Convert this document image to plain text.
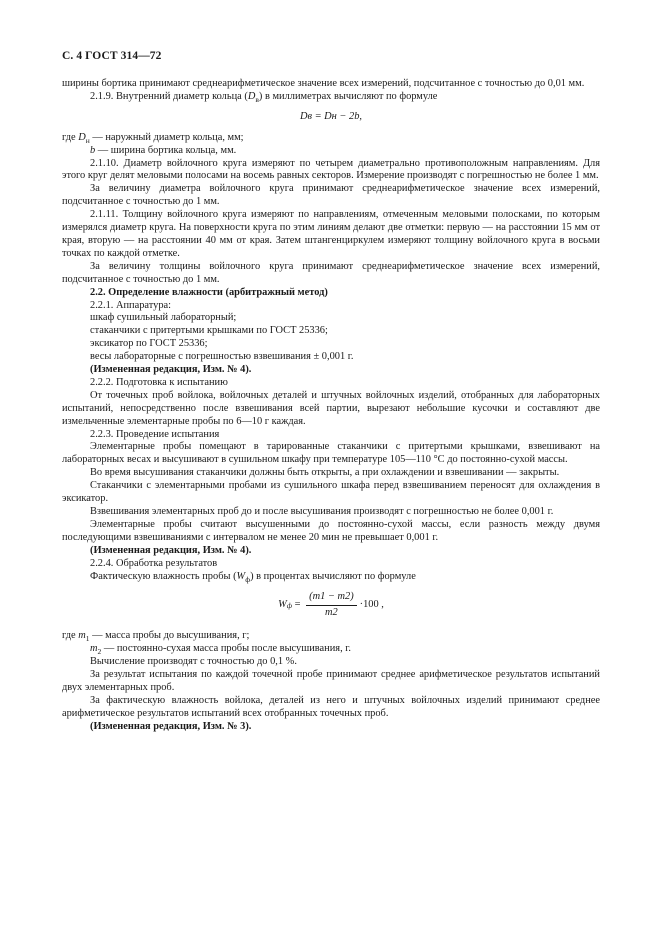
С. 4 ГОСТ 314—72

ширины бортика принимают среднеарифметическое значение всех измерений, подсчитанное с точностью до 0,01 мм.

2.1.9. Внутренний диаметр кольца $(D_в)$ в миллиметрах вычисляют по формуле

Dв = Dн − 2b,

где $D_н$ — наружный диаметр кольца, мм;

b — ширина бортика кольца, мм.

2.1.10. Диаметр войлочного круга измеряют по четырем диаметрально противоположным направлениям. Для этого круг делят меловыми полосами на восемь равных секторов. Измерение производят с погрешностью не более 1 мм.

За величину диаметра войлочного круга принимают среднеарифметическое значение всех измерений, подсчитанное с точностью до 1 мм.

2.1.11. Толщину войлочного круга измеряют по направлениям, отмеченным меловыми полосками, по которым измерялся диаметр круга. На поверхности круга по этим линиям делают две отметки: первую — на расстоянии 15 мм от края, вторую — на расстоянии 40 мм от края. Затем штангенциркулем измеряют толщину войлочного круга в восьми точках по каждой отметке.

За величину толщины войлочного круга принимают среднеарифметическое значение всех измерений, подсчитанное с точностью до 1 мм.

2.2. Определение влажности (арбитражный метод)

2.2.1. Аппаратура:

шкаф сушильный лабораторный;

стаканчики с притертыми крышками по ГОСТ 25336;

эксикатор по ГОСТ 25336;

весы лабораторные с погрешностью взвешивания ± 0,001 г.

(Измененная редакция, Изм. № 4).

2.2.2. Подготовка к испытанию

От точечных проб войлока, войлочных деталей и штучных войлочных изделий, отобранных для лабораторных испытаний, непосредственно после взвешивания всей партии, вырезают небольшие кусочки и составляют две измельченные элементарные пробы по 6—10 г каждая.

2.2.3. Проведение испытания

Элементарные пробы помещают в тарированные стаканчики с притертыми крышками, взвешивают на лабораторных весах и высушивают в сушильном шкафу при температуре 105—110 °С до постоянно-сухой массы.

Во время высушивания стаканчики должны быть открыты, а при охлаждении и взвешивании — закрыты.

Стаканчики с элементарными пробами из сушильного шкафа перед взвешиванием переносят для охлаждения в эксикатор.

Взвешивания элементарных проб до и после высушивания производят с погрешностью не более 0,001 г.

Элементарные пробы считают высушенными до постоянно-сухой массы, если разность между двумя последующими взвешиваниями с интервалом не менее 20 мин не превышает 0,001 г.

(Измененная редакция, Изм. № 4).

2.2.4. Обработка результатов

Фактическую влажность пробы $(W_ф)$ в процентах вычисляют по формуле

W $ф = \frac{(m1 - m2)}{m2} \cdot 100$ ,

где $m_1$ — масса пробы до высушивания, г;

$m_2$ — постоянно-сухая масса пробы после высушивания, г.

Вычисление производят с точностью до 0,1 %.

За результат испытания по каждой точечной пробе принимают среднее арифметическое результатов испытаний двух элементарных проб.

За фактическую влажность войлока, деталей из него и штучных войлочных изделий принимают среднее арифметическое результатов испытаний всех отобранных точечных проб.

(Измененная редакция, Изм. № 3).
